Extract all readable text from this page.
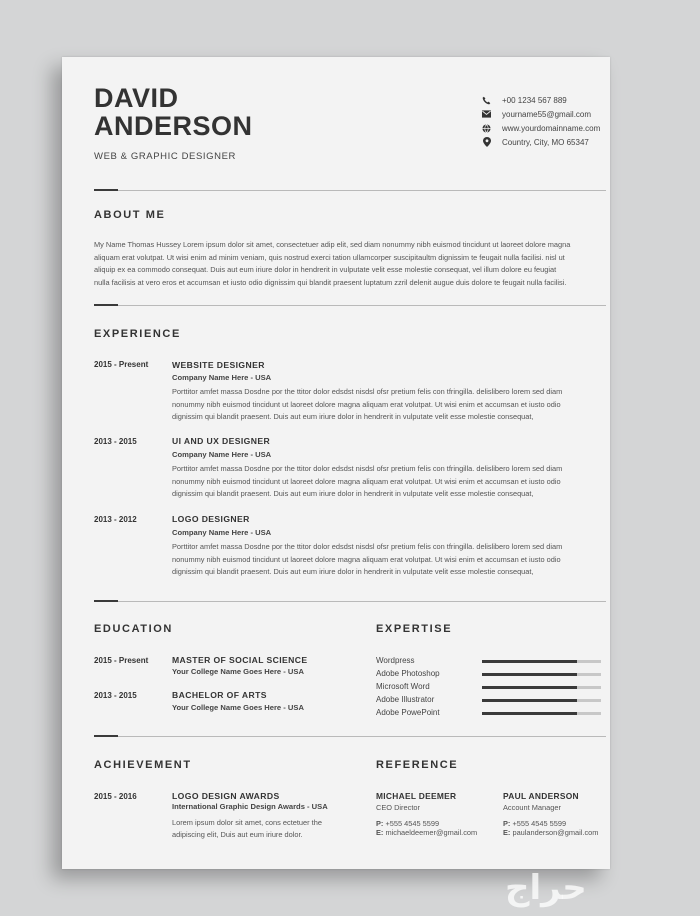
DAVID
ANDERSON
WEB & GRAPHIC DESIGNER
+00 1234 567 889
yourname55@gmail.com
www.yourdomainname.com
Country, City, MO 65347
ABOUT ME
My Name Thomas Hussey Lorem ipsum dolor sit amet, consectetuer adip elit, sed diam nonummy nibh euismod tincidunt ut laoreet dolore magna
aliquam erat volutpat. Ut wisi enim ad minim veniam, quis nostrud exerci tation ullamcorper suscipitaultm dignissim te feugait nulla facilisi. nisl ut
aliquip ex ea commodo consequat. Duis aut eum iriure dolor in hendrerit in vulputate velit esse molestie consequat, vel illum dolore eu feugiat
nulla facilisis at vero eros et accumsan et iusto odio dignissim qui blandit praesent luptatum zzril delenit augue duis dolore te feugait nulla facilisi.
EXPERIENCE
2015 - Present	WEBSITE DESIGNER
Company Name Here - USA
Porttitor amfet massa Dosdne por the ttitor dolor edsdst nisdsl ofsr pretium felis con tfringilla. delislibero lorem sed diam
nonummy nibh euismod tincidunt ut laoreet dolore magna aliquam erat volutpat. Ut wisi enim et accumsan et iusto odio
dignissim qui blandit praesent. Duis aut eum iriure dolor in hendrerit in vulputate velit esse molestie consequat,
2013 - 2015	UI AND UX DESIGNER
Company Name Here - USA
Porttitor amfet massa Dosdne por the ttitor dolor edsdst nisdsl ofsr pretium felis con tfringilla. delislibero lorem sed diam
nonummy nibh euismod tincidunt ut laoreet dolore magna aliquam erat volutpat. Ut wisi enim et accumsan et iusto odio
dignissim qui blandit praesent. Duis aut eum iriure dolor in hendrerit in vulputate velit esse molestie consequat,
2013 - 2012	LOGO DESIGNER
Company Name Here - USA
Porttitor amfet massa Dosdne por the ttitor dolor edsdst nisdsl ofsr pretium felis con tfringilla. delislibero lorem sed diam
nonummy nibh euismod tincidunt ut laoreet dolore magna aliquam erat volutpat. Ut wisi enim et accumsan et iusto odio
dignissim qui blandit praesent. Duis aut eum iriure dolor in hendrerit in vulputate velit esse molestie consequat,
EDUCATION
2015 - Present	MASTER OF SOCIAL SCIENCE
Your College Name Goes Here - USA
2013 - 2015	BACHELOR OF ARTS
Your College Name Goes Here - USA
EXPERTISE
Wordpress
Adobe Photoshop
Microsoft Word
Adobe Illustrator
Adobe PowePoint
ACHIEVEMENT
2015 - 2016	LOGO DESIGN AWARDS
International Graphic Design Awards - USA
Lorem ipsum dolor sit amet, cons ectetuer the
adipiscing elit, Duis aut eum iriure dolor.
REFERENCE
MICHAEL DEEMER
CEO Director
P: +555 4545 5599
E: michaeldeemer@gmail.com
PAUL ANDERSON
Account Manager
P: +555 4545 5599
E: paulanderson@gmail.com
حراج
